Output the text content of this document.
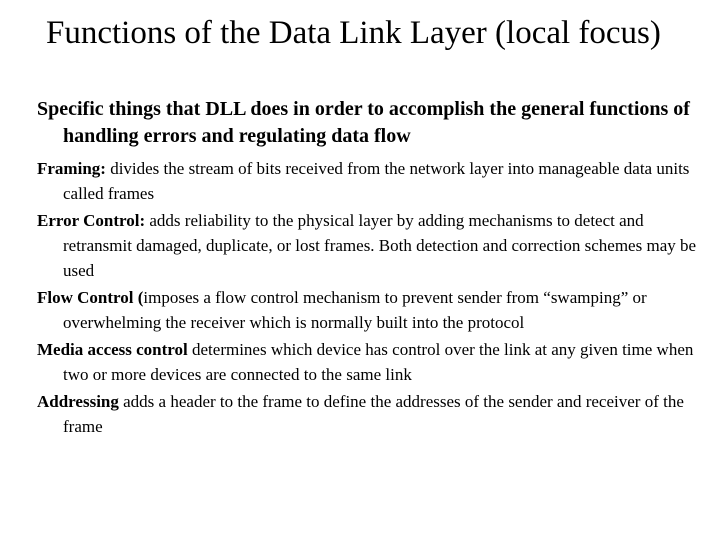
Functions of the Data Link Layer (local focus)

Specific things that DLL does in order to accomplish the general functions of handling errors and regulating data flow

Framing: divides the stream of bits received from the network layer into manageable data units called frames
Error Control: adds reliability to the physical layer by adding mechanisms to detect and retransmit damaged, duplicate, or lost frames. Both detection and correction schemes may be used
Flow Control (imposes a flow control mechanism to prevent sender from “swamping” or overwhelming the receiver which is normally built into the protocol
Media access control determines which device has control over the link at any given time when two or more devices are connected to the same link
Addressing adds a header to the frame to define the addresses of the sender and receiver of the frame
